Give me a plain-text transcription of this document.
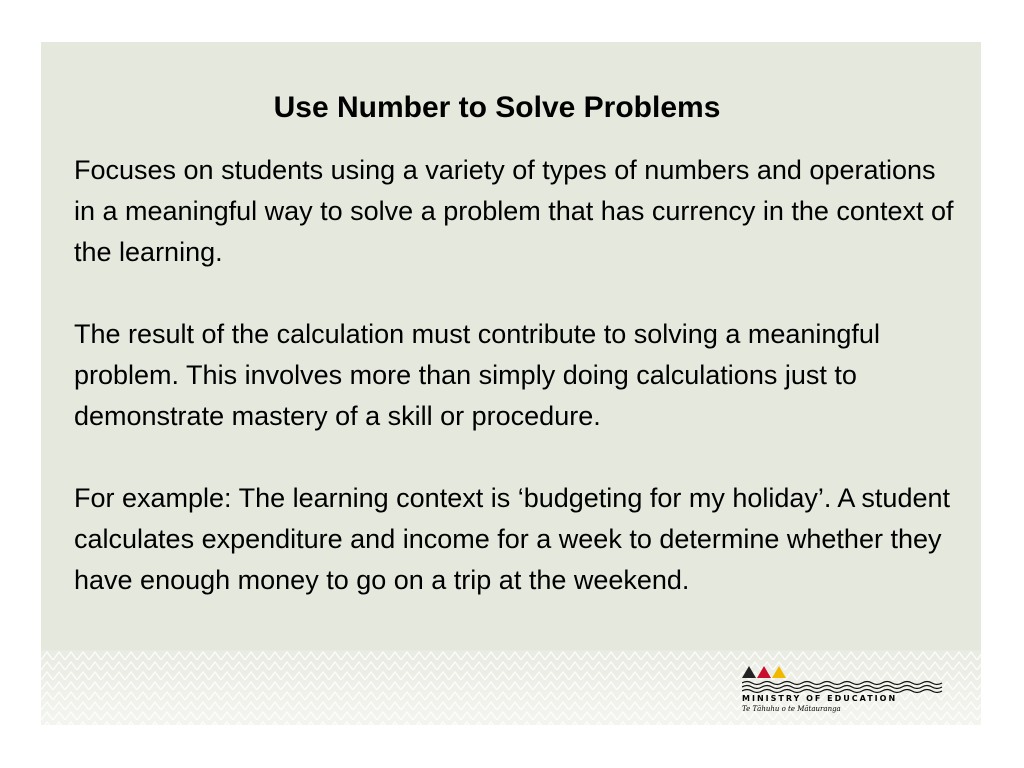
Use Number to Solve Problems

Focuses on students using a variety of types of numbers and operations in a meaningful way to solve a problem that has currency in the context of the learning.

The result of the calculation must contribute to solving a meaningful problem. This involves more than simply doing calculations just to demonstrate mastery of a skill or procedure.

For example: The learning context is ‘budgeting for my holiday’. A student calculates expenditure and income for a week to determine whether they have enough money to go on a trip at the weekend.

MINISTRY OF EDUCATION
Te Tāhuhu o te Mātauranga
